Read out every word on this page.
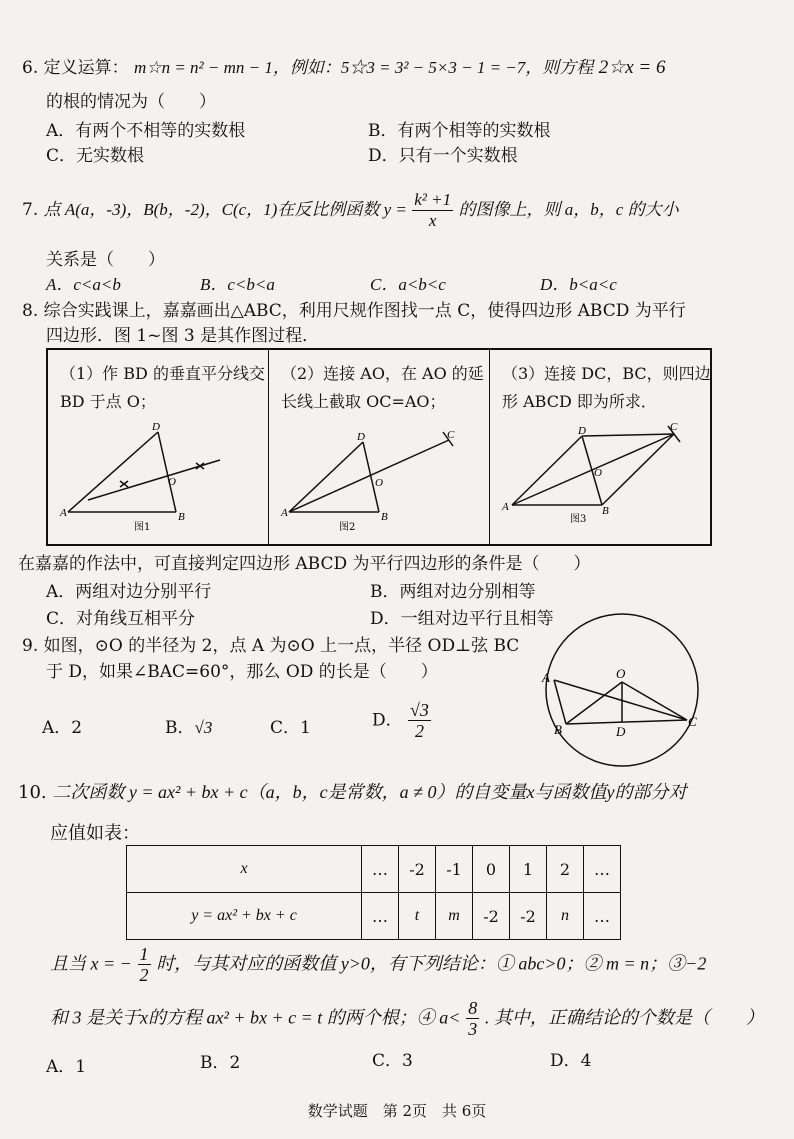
6. 定义运算： m☆n = n² − mn − 1，例如：5☆3 = 3² − 5×3 − 1 = −7，则方程 2☆x = 6
的根的情况为（　　）
A．有两个不相等的实数根	B．有两个相等的实数根
C．无实数根	D．只有一个实数根
7. 点 A(a，-3)，B(b，-2)，C(c，1)在反比例函数 $y = \frac{\text{k² +1}}{x}$ 的图像上，则 a，b，c 的大小
关系是（　　）
A．c<a<b	B．c<b<a	C．a<b<c	D．b<a<c
8. 综合实践课上，嘉嘉画出△ABC，利用尺规作图找一点 C，使得四边形 ABCD 为平行
四边形．图 1~图 3 是其作图过程．
（1）作 BD 的垂直平分线交 BD 于点 O；
A	B
D
O
图1
（2）连接 AO，在 AO 的延长线上截取 OC=AO；
A	B
D
O
C
图2
（3）连接 DC，BC，则四边形 ABCD 即为所求．
A	B
D
O
C
图3
在嘉嘉的作法中，可直接判定四边形 ABCD 为平行四边形的条件是（　　）
A．两组对边分别平行	B．两组对边分别相等
C．对角线互相平分	D．一组对边平行且相等
9. 如图，⊙O 的半径为 2，点 A 为⊙O 上一点，半径 OD⊥弦 BC
于 D，如果∠BAC=60°，那么 OD 的长是（　　）
A．2	B．√3	C．1	D． $\frac{√3}{2}$
A
B
C
D
O
10. 二次函数 y = ax² + bx + c（a，b，c是常数，a ≠ 0）的自变量x与函数值y的部分对
应值如表：
x	…	-2	-1	0	1	2	…
y = ax² + bx + c	…	t	m	-2	-2	n	…
且当 x = − $\frac{1}{2}$ 时，与其对应的函数值 y>0，有下列结论：① abc>0；② m = n；③−2
和 3 是关于x的方程 ax² + bx + c = t 的两个根；④ $a< \frac{8}{3}$ . 其中，正确结论的个数是（　　）
A．1	B．2	C．3	D．4
数学试题　第 2页　共 6页
